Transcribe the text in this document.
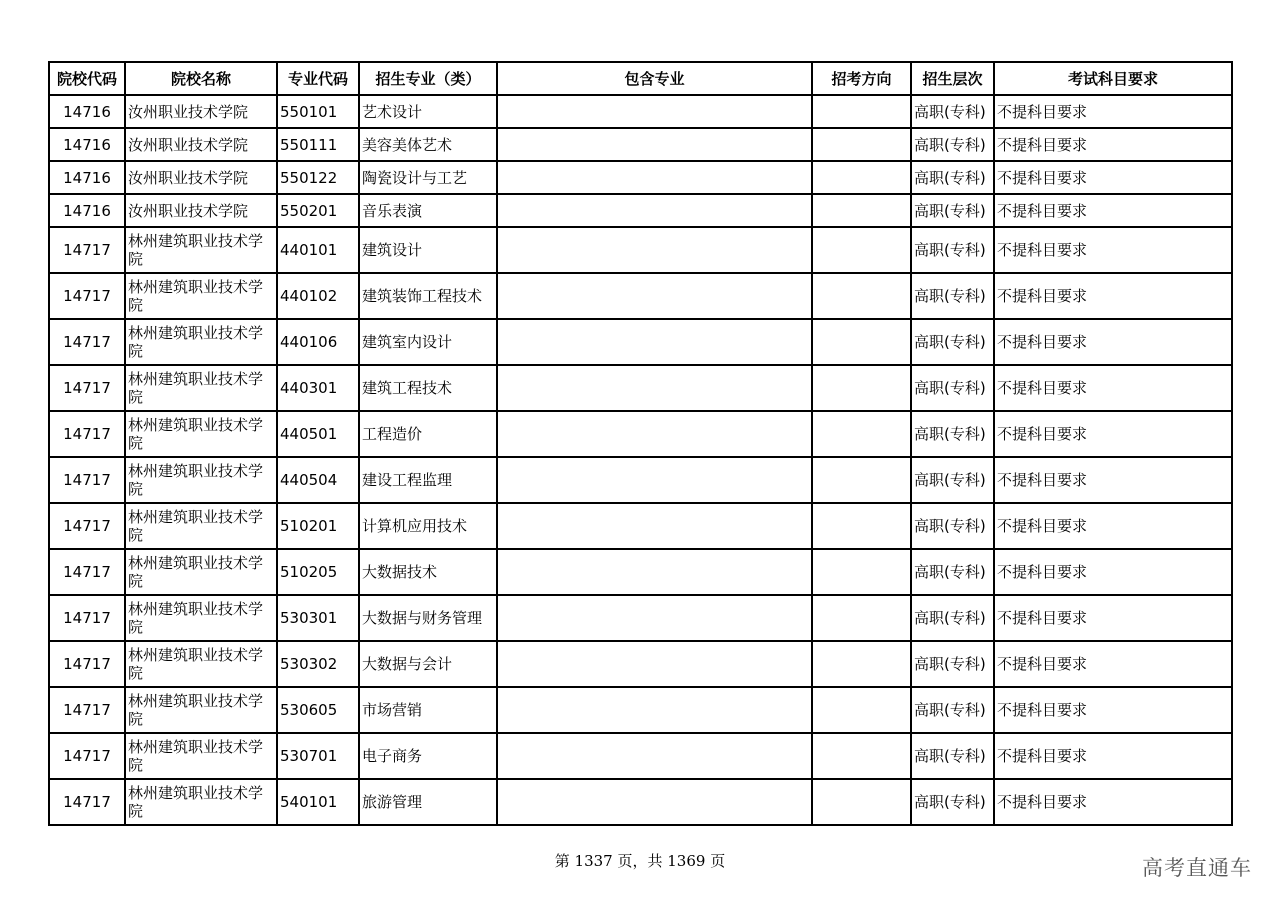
院校代码	院校名称	专业代码	招生专业（类）	包含专业	招考方向	招生层次	考试科目要求
14716	汝州职业技术学院	550101	艺术设计			高职(专科)	不提科目要求
14716	汝州职业技术学院	550111	美容美体艺术			高职(专科)	不提科目要求
14716	汝州职业技术学院	550122	陶瓷设计与工艺			高职(专科)	不提科目要求
14716	汝州职业技术学院	550201	音乐表演			高职(专科)	不提科目要求
14717	林州建筑职业技术学院	440101	建筑设计			高职(专科)	不提科目要求
14717	林州建筑职业技术学院	440102	建筑装饰工程技术			高职(专科)	不提科目要求
14717	林州建筑职业技术学院	440106	建筑室内设计			高职(专科)	不提科目要求
14717	林州建筑职业技术学院	440301	建筑工程技术			高职(专科)	不提科目要求
14717	林州建筑职业技术学院	440501	工程造价			高职(专科)	不提科目要求
14717	林州建筑职业技术学院	440504	建设工程监理			高职(专科)	不提科目要求
14717	林州建筑职业技术学院	510201	计算机应用技术			高职(专科)	不提科目要求
14717	林州建筑职业技术学院	510205	大数据技术			高职(专科)	不提科目要求
14717	林州建筑职业技术学院	530301	大数据与财务管理			高职(专科)	不提科目要求
14717	林州建筑职业技术学院	530302	大数据与会计			高职(专科)	不提科目要求
14717	林州建筑职业技术学院	530605	市场营销			高职(专科)	不提科目要求
14717	林州建筑职业技术学院	530701	电子商务			高职(专科)	不提科目要求
14717	林州建筑职业技术学院	540101	旅游管理			高职(专科)	不提科目要求
第 1337 页，共 1369 页	高考直通车
